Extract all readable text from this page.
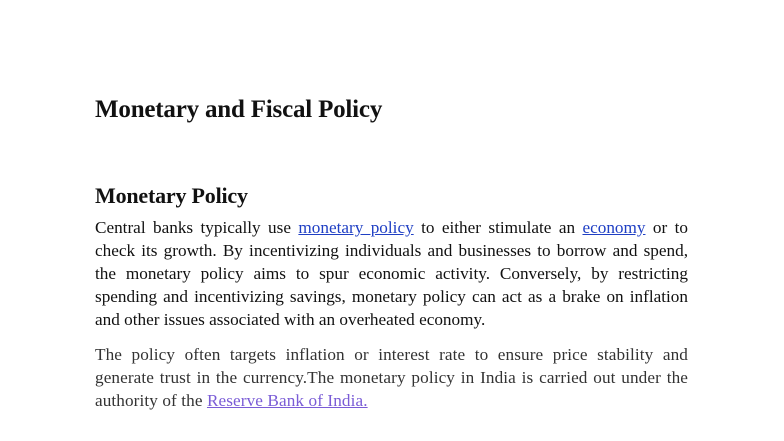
Monetary and Fiscal Policy
Monetary Policy

Central banks typically use monetary policy to either stimulate an economy or to check its growth. By incentivizing individuals and businesses to borrow and spend, the monetary policy aims to spur economic activity. Conversely, by restricting spending and incentivizing savings, monetary policy can act as a brake on inflation and other issues associated with an overheated economy.

The policy often targets inflation or interest rate to ensure price stability and generate trust in the currency.The monetary policy in India is carried out under the authority of the Reserve Bank of India.
